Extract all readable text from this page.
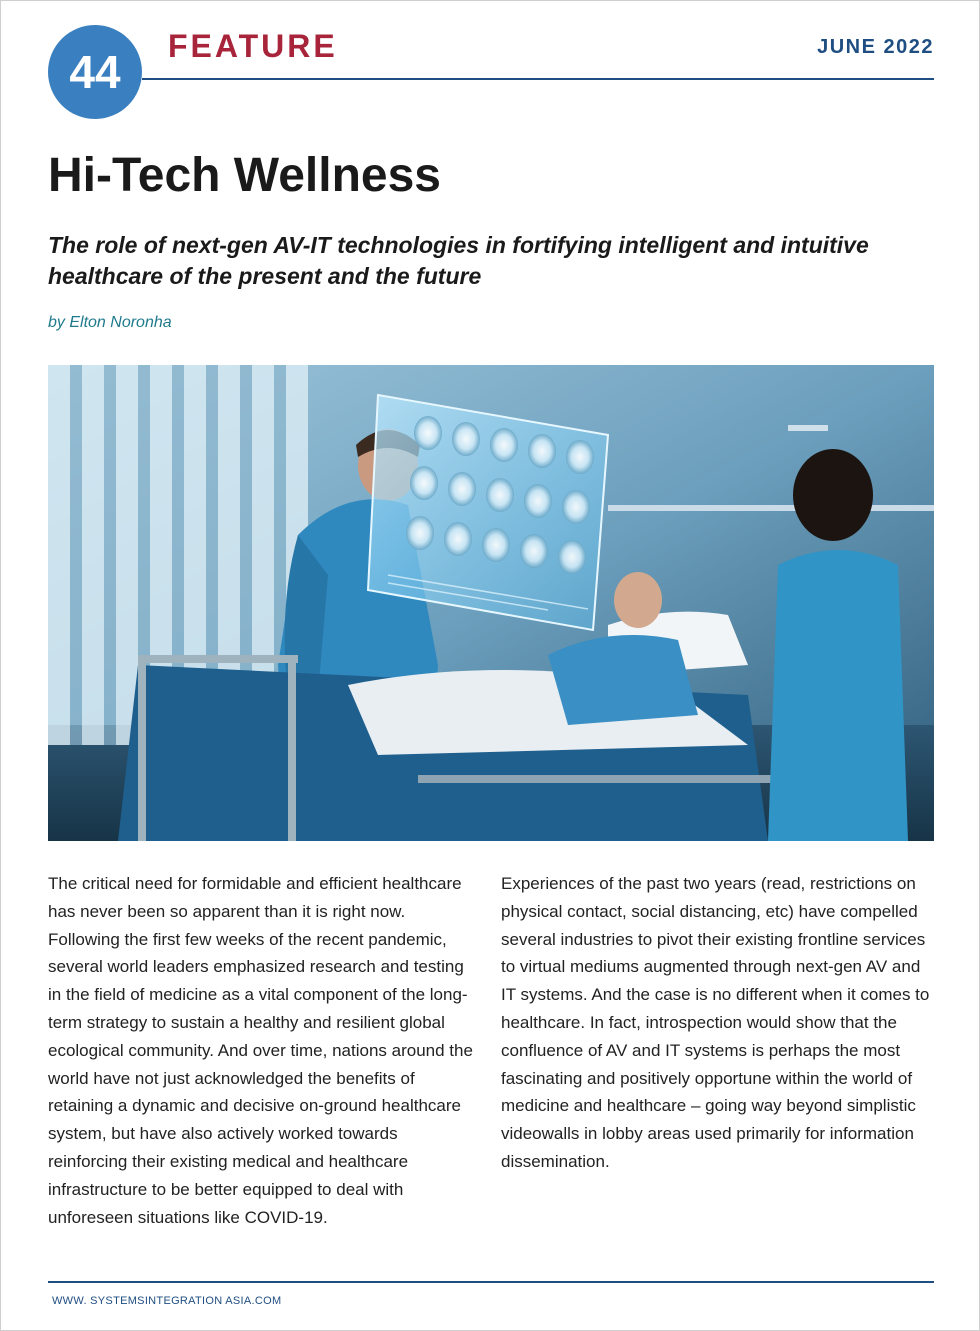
44 FEATURE	JUNE 2022
Hi-Tech Wellness

The role of next-gen AV-IT technologies in fortifying intelligent and intuitive healthcare of the present and the future

by Elton Noronha

The critical need for formidable and efficient healthcare has never been so apparent than it is right now. Following the first few weeks of the recent pandemic, several world leaders emphasized research and testing in the field of medicine as a vital component of the long-term strategy to sustain a healthy and resilient global ecological community. And over time, nations around the world have not just acknowledged the benefits of retaining a dynamic and decisive on-ground healthcare system, but have also actively worked towards reinforcing their existing medical and healthcare infrastructure to be better equipped to deal with unforeseen situations like COVID-19.

Experiences of the past two years (read, restrictions on physical contact, social distancing, etc) have compelled several industries to pivot their existing frontline services to virtual mediums augmented through next-gen AV and IT systems. And the case is no different when it comes to healthcare. In fact, introspection would show that the confluence of AV and IT systems is perhaps the most fascinating and positively opportune within the world of medicine and healthcare – going way beyond simplistic videowalls in lobby areas used primarily for information dissemination.

WWW. SYSTEMSINTEGRATION ASIA.COM
